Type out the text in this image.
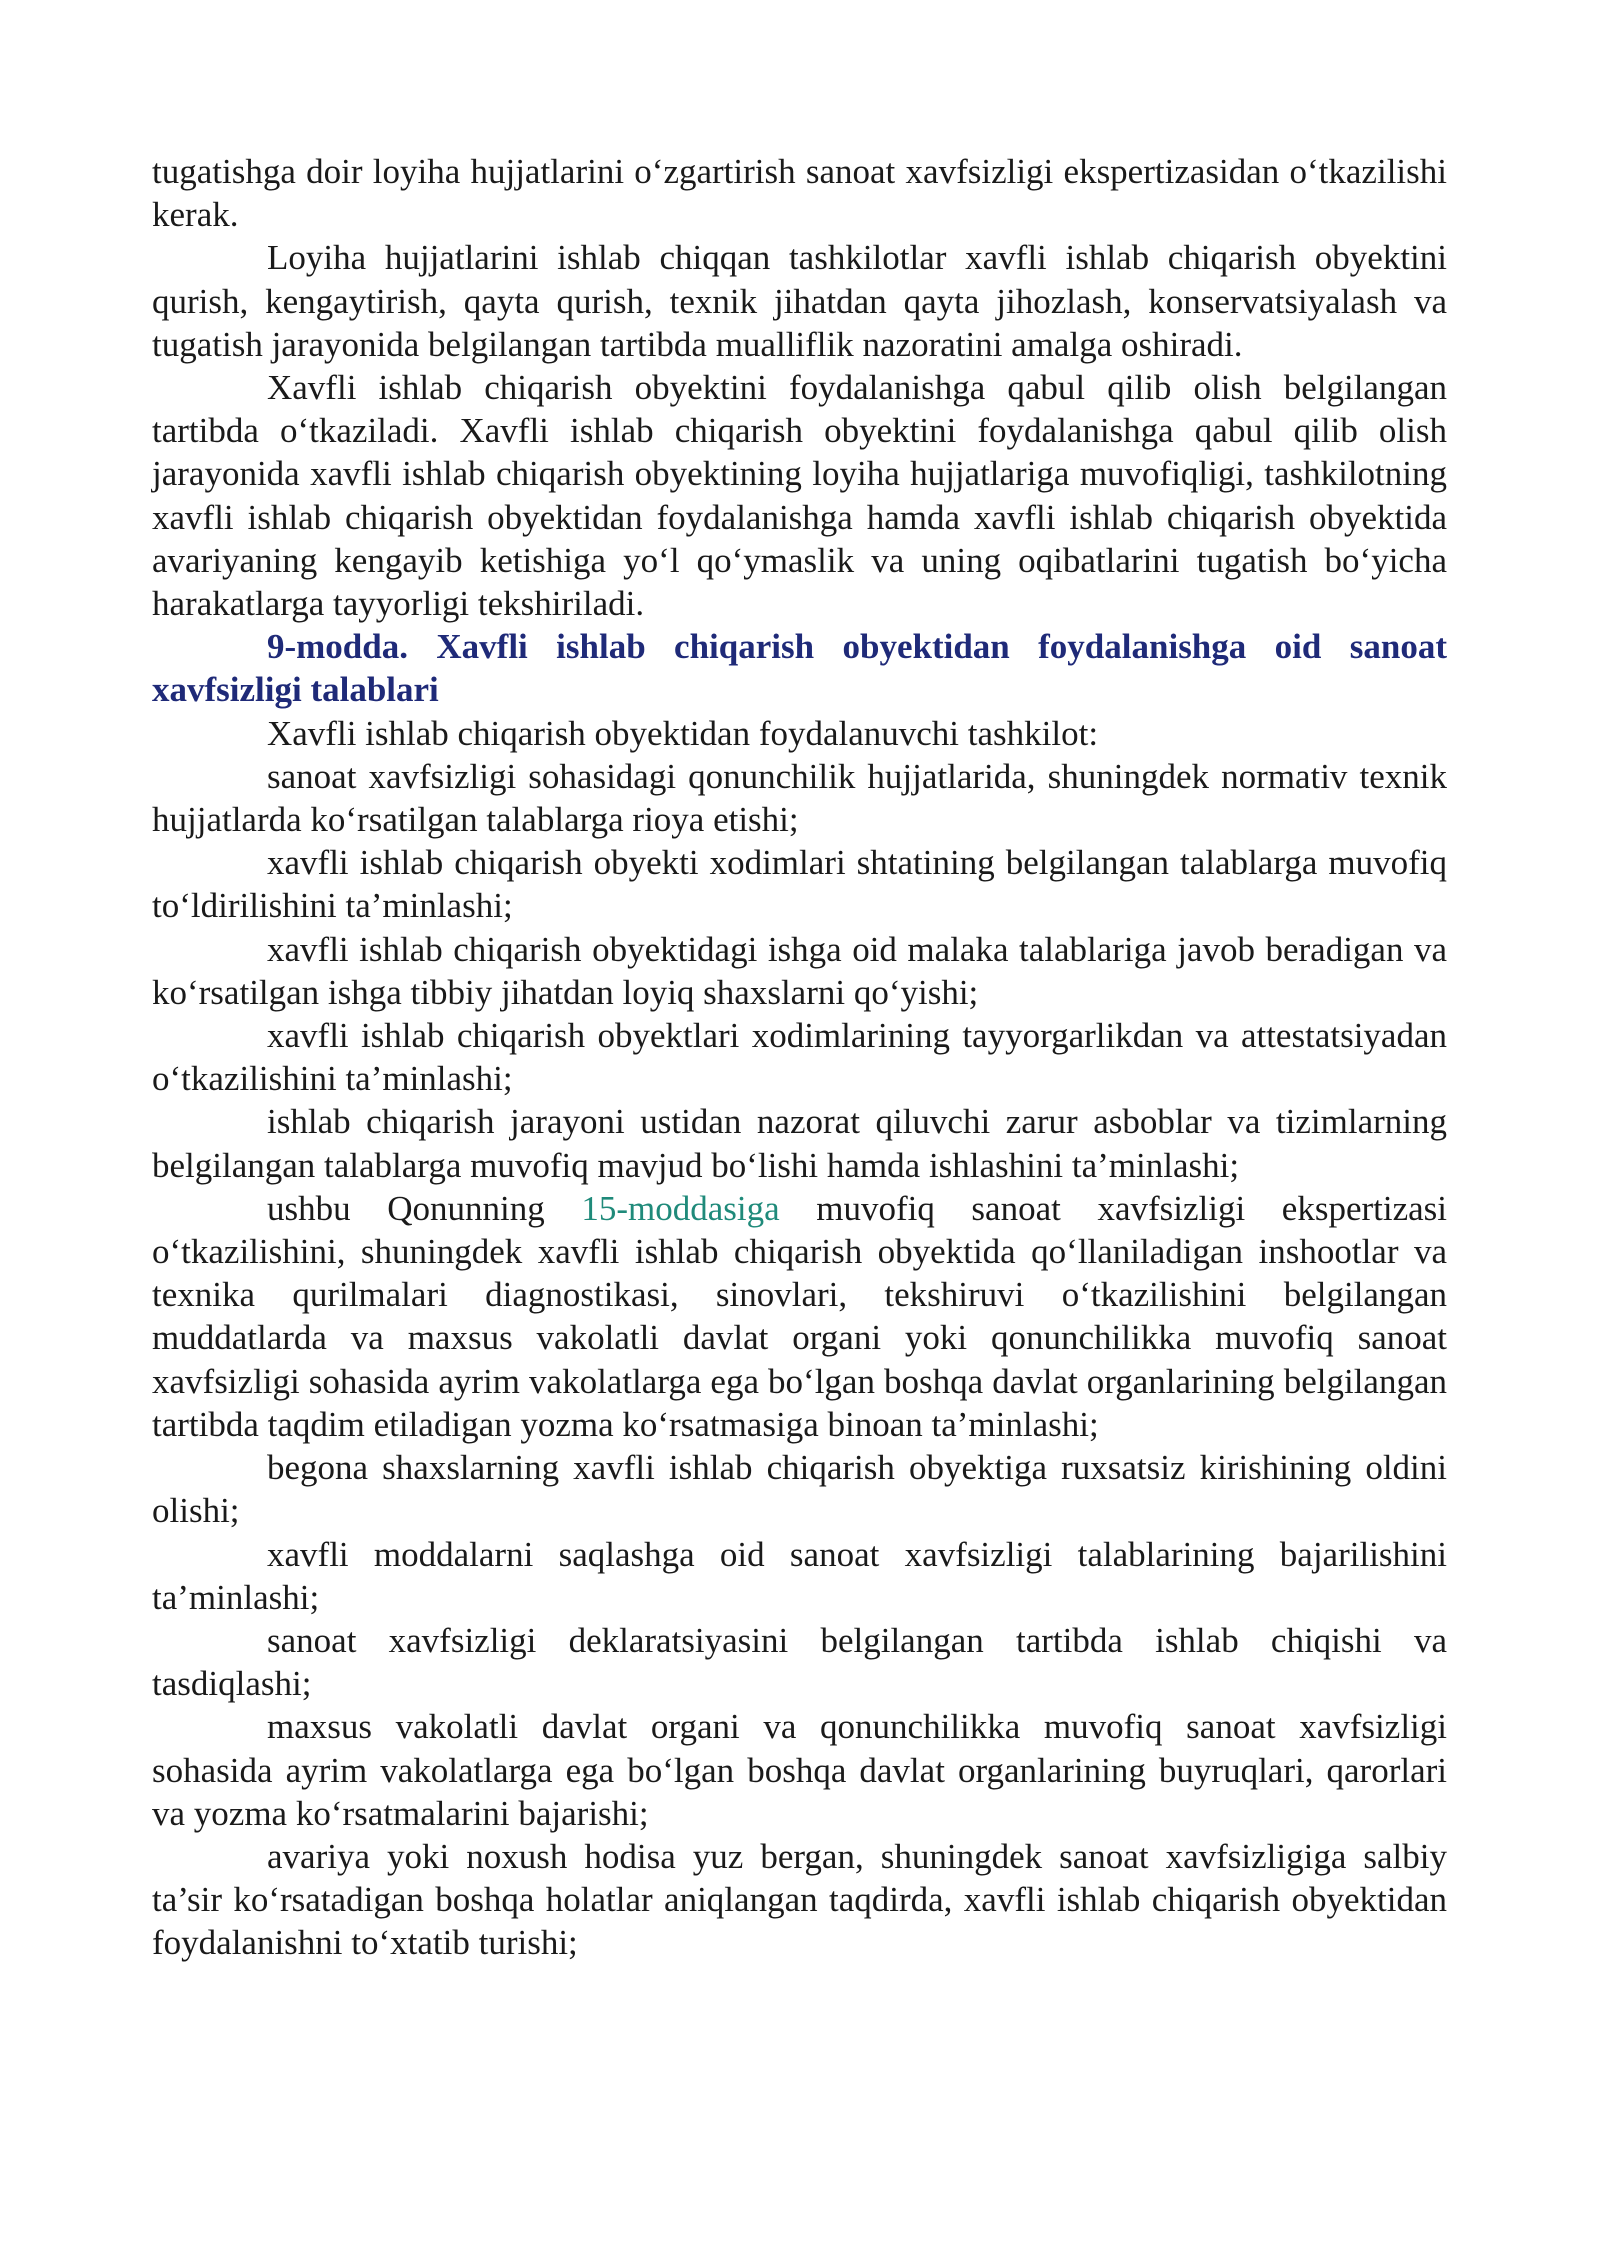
tugatishga doir loyiha hujjatlarini o‘zgartirish sanoat xavfsizligi ekspertizasidan o‘tkazilishi kerak.

Loyiha hujjatlarini ishlab chiqqan tashkilotlar xavfli ishlab chiqarish obyektini qurish, kengaytirish, qayta qurish, texnik jihatdan qayta jihozlash, konservatsiyalash va tugatish jarayonida belgilangan tartibda mualliflik nazoratini amalga oshiradi.

Xavfli ishlab chiqarish obyektini foydalanishga qabul qilib olish belgilangan tartibda o‘tkaziladi. Xavfli ishlab chiqarish obyektini foydalanishga qabul qilib olish jarayonida xavfli ishlab chiqarish obyektining loyiha hujjatlariga muvofiqligi, tashkilotning xavfli ishlab chiqarish obyektidan foydalanishga hamda xavfli ishlab chiqarish obyektida avariyaning kengayib ketishiga yo‘l qo‘ymaslik va uning oqibatlarini tugatish bo‘yicha harakatlarga tayyorligi tekshiriladi.

9-modda. Xavfli ishlab chiqarish obyektidan foydalanishga oid sanoat xavfsizligi talablari

Xavfli ishlab chiqarish obyektidan foydalanuvchi tashkilot:

sanoat xavfsizligi sohasidagi qonunchilik hujjatlarida, shuningdek normativ texnik hujjatlarda ko‘rsatilgan talablarga rioya etishi;

xavfli ishlab chiqarish obyekti xodimlari shtatining belgilangan talablarga muvofiq to‘ldirilishini ta’minlashi;

xavfli ishlab chiqarish obyektidagi ishga oid malaka talablariga javob beradigan va ko‘rsatilgan ishga tibbiy jihatdan loyiq shaxslarni qo‘yishi;

xavfli ishlab chiqarish obyektlari xodimlarining tayyorgarlikdan va attestatsiyadan o‘tkazilishini ta’minlashi;

ishlab chiqarish jarayoni ustidan nazorat qiluvchi zarur asboblar va tizimlarning belgilangan talablarga muvofiq mavjud bo‘lishi hamda ishlashini ta’minlashi;

ushbu Qonunning 15-moddasiga muvofiq sanoat xavfsizligi ekspertizasi o‘tkazilishini, shuningdek xavfli ishlab chiqarish obyektida qo‘llaniladigan inshootlar va texnika qurilmalari diagnostikasi, sinovlari, tekshiruvi o‘tkazilishini belgilangan muddatlarda va maxsus vakolatli davlat organi yoki qonunchilikka muvofiq sanoat xavfsizligi sohasida ayrim vakolatlarga ega bo‘lgan boshqa davlat organlarining belgilangan tartibda taqdim etiladigan yozma ko‘rsatmasiga binoan ta’minlashi;

begona shaxslarning xavfli ishlab chiqarish obyektiga ruxsatsiz kirishining oldini olishi;

xavfli moddalarni saqlashga oid sanoat xavfsizligi talablarining bajarilishini ta’minlashi;

sanoat xavfsizligi deklaratsiyasini belgilangan tartibda ishlab chiqishi va tasdiqlashi;

maxsus vakolatli davlat organi va qonunchilikka muvofiq sanoat xavfsizligi sohasida ayrim vakolatlarga ega bo‘lgan boshqa davlat organlarining buyruqlari, qarorlari va yozma ko‘rsatmalarini bajarishi;

avariya yoki noxush hodisa yuz bergan, shuningdek sanoat xavfsizligiga salbiy ta’sir ko‘rsatadigan boshqa holatlar aniqlangan taqdirda, xavfli ishlab chiqarish obyektidan foydalanishni to‘xtatib turishi;
